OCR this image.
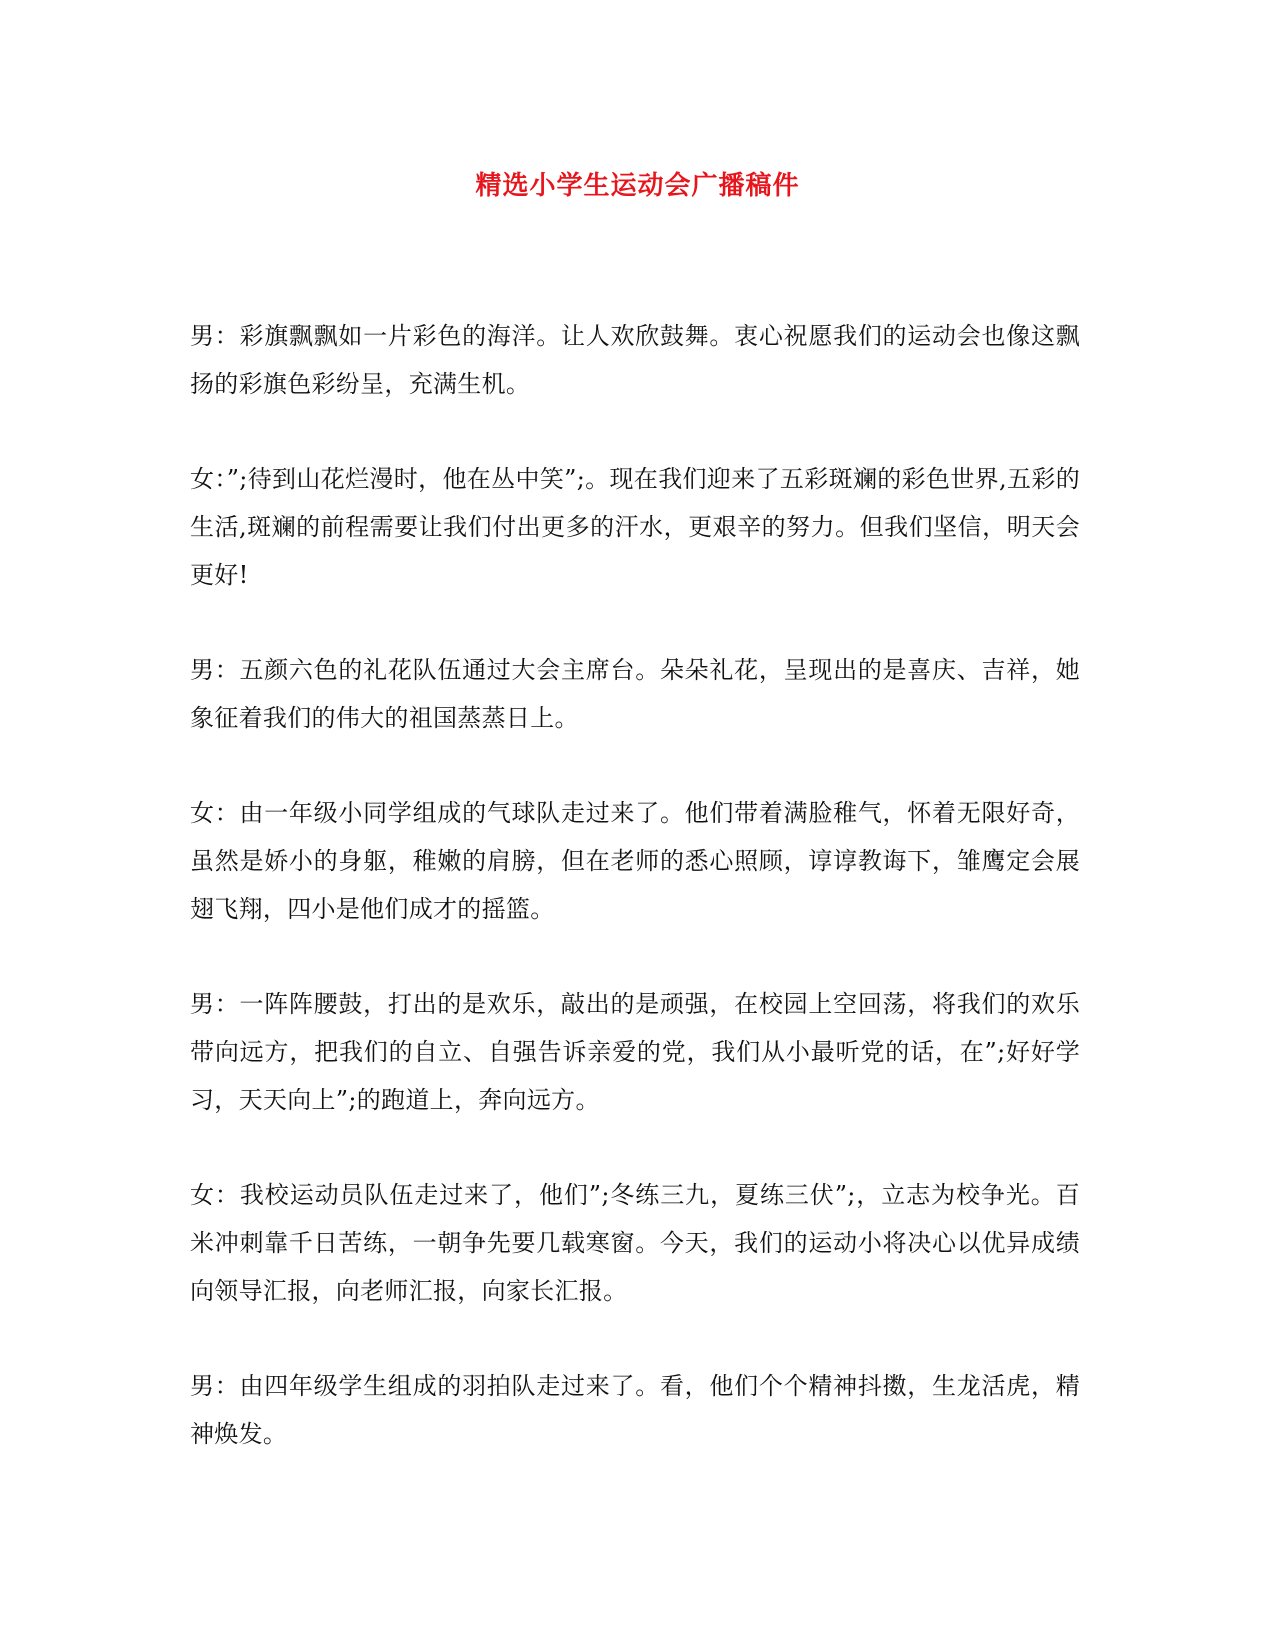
精选小学生运动会广播稿件

男：彩旗飘飘如一片彩色的海洋。让人欢欣鼓舞。衷心祝愿我们的运动会也像这飘扬的彩旗色彩纷呈，充满生机。

女：”;待到山花烂漫时，他在丛中笑”;。现在我们迎来了五彩斑斓的彩色世界,五彩的生活,斑斓的前程需要让我们付出更多的汗水，更艰辛的努力。但我们坚信，明天会更好!

男：五颜六色的礼花队伍通过大会主席台。朵朵礼花，呈现出的是喜庆、吉祥，她象征着我们的伟大的祖国蒸蒸日上。

女：由一年级小同学组成的气球队走过来了。他们带着满脸稚气，怀着无限好奇，虽然是娇小的身躯，稚嫩的肩膀，但在老师的悉心照顾，谆谆教诲下，雏鹰定会展翅飞翔，四小是他们成才的摇篮。

男：一阵阵腰鼓，打出的是欢乐，敲出的是顽强，在校园上空回荡，将我们的欢乐带向远方，把我们的自立、自强告诉亲爱的党，我们从小最听党的话，在”;好好学习，天天向上”;的跑道上，奔向远方。

女：我校运动员队伍走过来了，他们”;冬练三九，夏练三伏”;，立志为校争光。百米冲刺靠千日苦练，一朝争先要几载寒窗。今天，我们的运动小将决心以优异成绩向领导汇报，向老师汇报，向家长汇报。

男：由四年级学生组成的羽拍队走过来了。看，他们个个精神抖擞，生龙活虎，精神焕发。
